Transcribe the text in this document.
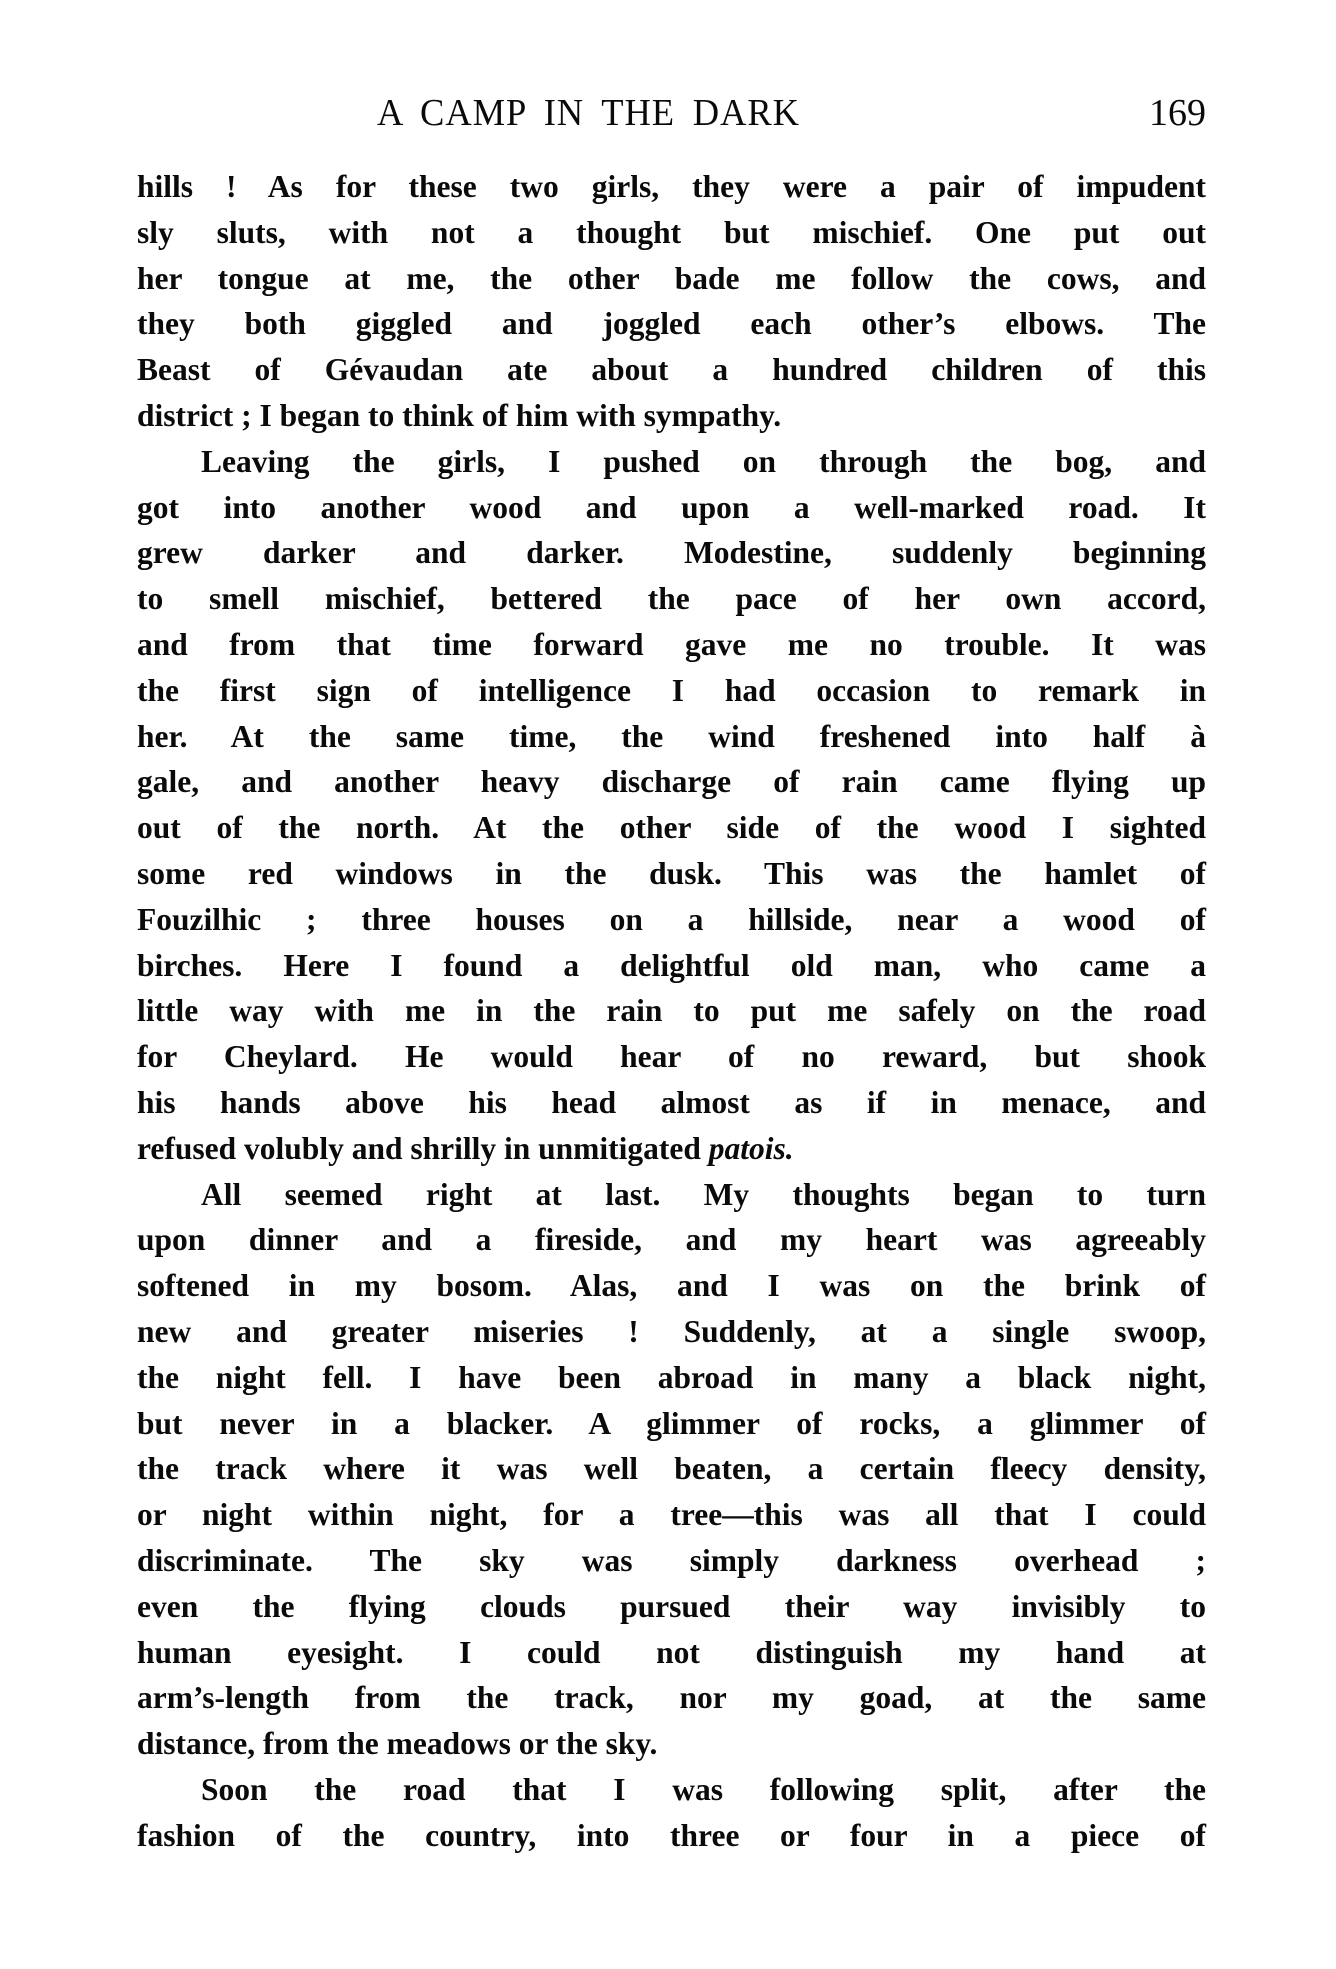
A CAMP IN THE DARK	169
hills ! As for these two girls, they were a pair of impudent
sly sluts, with not a thought but mischief. One put out
her tongue at me, the other bade me follow the cows, and
they both giggled and joggled each other’s elbows. The
Beast of Gévaudan ate about a hundred children of this
district ; I began to think of him with sympathy.
Leaving the girls, I pushed on through the bog, and
got into another wood and upon a well-marked road. It
grew darker and darker. Modestine, suddenly beginning
to smell mischief, bettered the pace of her own accord,
and from that time forward gave me no trouble. It was
the first sign of intelligence I had occasion to remark in
her. At the same time, the wind freshened into half à
gale, and another heavy discharge of rain came flying up
out of the north. At the other side of the wood I sighted
some red windows in the dusk. This was the hamlet of
Fouzilhic ; three houses on a hillside, near a wood of
birches. Here I found a delightful old man, who came a
little way with me in the rain to put me safely on the road
for Cheylard. He would hear of no reward, but shook
his hands above his head almost as if in menace, and
refused volubly and shrilly in unmitigated patois.
All seemed right at last. My thoughts began to turn
upon dinner and a fireside, and my heart was agreeably
softened in my bosom. Alas, and I was on the brink of
new and greater miseries ! Suddenly, at a single swoop,
the night fell. I have been abroad in many a black night,
but never in a blacker. A glimmer of rocks, a glimmer of
the track where it was well beaten, a certain fleecy density,
or night within night, for a tree—this was all that I could
discriminate. The sky was simply darkness overhead ;
even the flying clouds pursued their way invisibly to
human eyesight. I could not distinguish my hand at
arm’s-length from the track, nor my goad, at the same
distance, from the meadows or the sky.
Soon the road that I was following split, after the
fashion of the country, into three or four in a piece of
